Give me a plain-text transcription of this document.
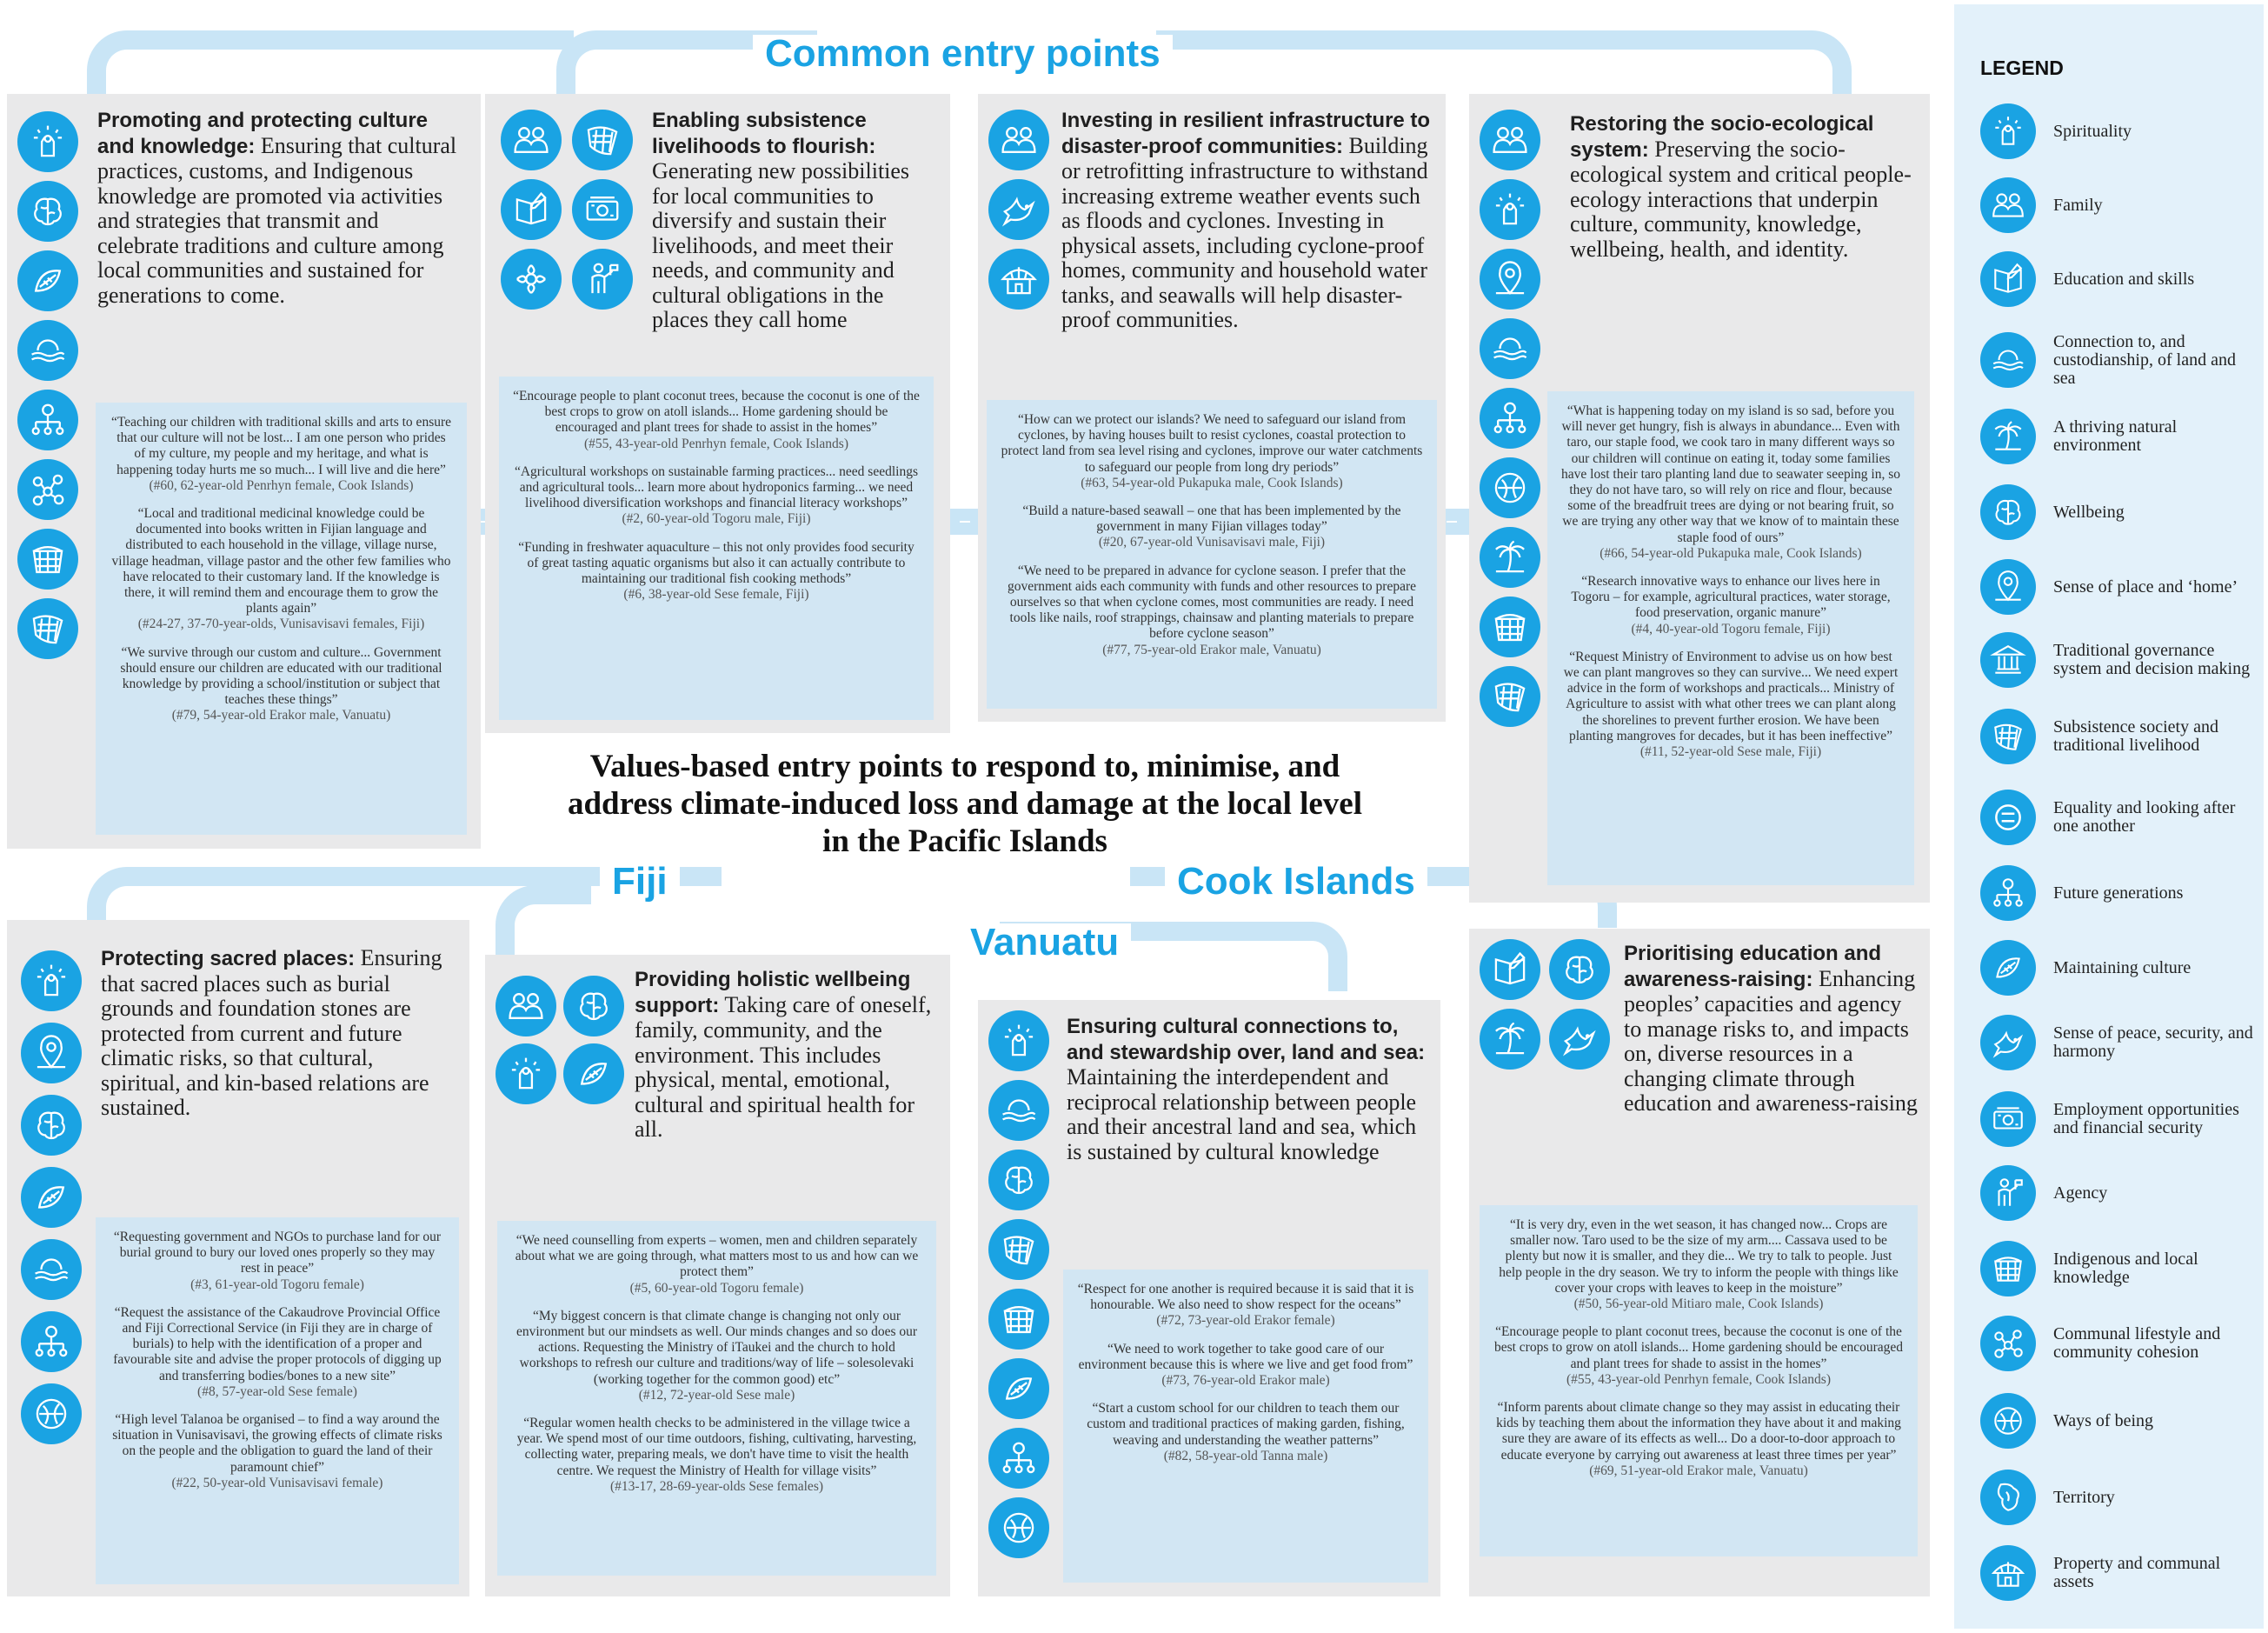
Common entry points
Fiji	Cook Islands
Vanuatu
Values-based entry points to respond to, minimise, and
address climate-induced loss and damage at the local level
in the Pacific Islands
Promoting and protecting culture and knowledge: Ensuring that cultural practices, customs, and Indigenous knowledge are promoted via activities and strategies that transmit and celebrate traditions and culture among local communities and sustained for generations to come.
“Teaching our children with traditional skills and arts to ensure that our culture will not be lost... I am one person who prides of my culture, my people and my heritage, and what is happening today hurts me so much... I will live and die here”
(#60, 62-year-old Penrhyn female, Cook Islands)
“Local and traditional medicinal knowledge could be documented into books written in Fijian language and distributed to each household in the village, village nurse, village headman, village pastor and the other few families who have relocated to their customary land. If the knowledge is there, it will remind them and encourage them to grow the plants again”
(#24-27, 37-70-year-olds, Vunisavisavi females, Fiji)
“We survive through our custom and culture... Government should ensure our children are educated with our traditional knowledge by providing a school/institution or subject that teaches these things”
(#79, 54-year-old Erakor male, Vanuatu)
Enabling subsistence livelihoods to flourish: Generating new possibilities for local communities to diversify and sustain their livelihoods, and meet their needs, and community and cultural obligations in the places they call home
“Encourage people to plant coconut trees, because the coconut is one of the best crops to grow on atoll islands... Home gardening should be encouraged and plant trees for shade to assist in the homes”
(#55, 43-year-old Penrhyn female, Cook Islands)
“Agricultural workshops on sustainable farming practices... need seedlings and agricultural tools... learn more about hydroponics farming... we need livelihood diversification workshops and financial literacy workshops”
(#2, 60-year-old Togoru male, Fiji)
“Funding in freshwater aquaculture – this not only provides food security of great tasting aquatic organisms but also it can actually contribute to maintaining our traditional fish cooking methods”
(#6, 38-year-old Sese female, Fiji)
Investing in resilient infrastructure to disaster-proof communities: Building or retrofitting infrastructure to withstand increasing extreme weather events such as floods and cyclones. Investing in physical assets, including cyclone-proof homes, community and household water tanks, and seawalls will help disaster- proof communities.
“How can we protect our islands? We need to safeguard our island from cyclones, by having houses built to resist cyclones, coastal protection to protect land from sea level rising and cyclones, improve our water catchments to safeguard our people from long dry periods”
(#63, 54-year-old Pukapuka male, Cook Islands)
“Build a nature-based seawall – one that has been implemented by the government in many Fijian villages today”
(#20, 67-year-old Vunisavisavi male, Fiji)
“We need to be prepared in advance for cyclone season. I prefer that the government aids each community with funds and other resources to prepare ourselves so that when cyclone comes, most communities are ready. I need tools like nails, roof strappings, chainsaw and planting materials to prepare before cyclone season”
(#77, 75-year-old Erakor male, Vanuatu)
Restoring the socio-ecological system: Preserving the socio-ecological system and critical people-ecology interactions that underpin culture, community, knowledge, wellbeing, health, and identity.
“What is happening today on my island is so sad, before you will never get hungry, fish is always in abundance... Even with taro, our staple food, we cook taro in many different ways so our children will continue on eating it, today some families have lost their taro planting land due to seawater seeping in, so they do not have taro, so will rely on rice and flour, because some of the breadfruit trees are dying or not bearing fruit, so we are trying any other way that we know of to maintain these staple food of ours”
(#66, 54-year-old Pukapuka male, Cook Islands)
“Research innovative ways to enhance our lives here in Togoru – for example, agricultural practices, water storage, food preservation, organic manure”
(#4, 40-year-old Togoru female, Fiji)
“Request Ministry of Environment to advise us on how best we can plant mangroves so they can survive... We need expert advice in the form of workshops and practicals... Ministry of Agriculture to assist with what other trees we can plant along the shorelines to prevent further erosion. We have been planting mangroves for decades, but it has been ineffective”
(#11, 52-year-old Sese male, Fiji)
Protecting sacred places: Ensuring that sacred places such as burial grounds and foundation stones are protected from current and future climatic risks, so that cultural, spiritual, and kin-based relations are sustained.
“Requesting government and NGOs to purchase land for our burial ground to bury our loved ones properly so they may rest in peace”
(#3, 61-year-old Togoru female)
“Request the assistance of the Cakaudrove Provincial Office and Fiji Correctional Service (in Fiji they are in charge of burials) to help with the identification of a proper and favourable site and advise the proper protocols of digging up and transferring bodies/bones to a new site”
(#8, 57-year-old Sese female)
“High level Talanoa be organised – to find a way around the situation in Vunisavisavi, the growing effects of climate risks on the people and the obligation to guard the land of their paramount chief”
(#22, 50-year-old Vunisavisavi female)
Providing holistic wellbeing support: Taking care of oneself, family, community, and the environment. This includes physical, mental, emotional, cultural and spiritual health for all.
“We need counselling from experts – women, men and children separately about what we are going through, what matters most to us and how can we protect them”
(#5, 60-year-old Togoru female)
“My biggest concern is that climate change is changing not only our environment but our mindsets as well. Our minds changes and so does our actions. Requesting the Ministry of iTaukei and the church to hold workshops to refresh our culture and traditions/way of life – solesolevaki (working together for the common good) etc”
(#12, 72-year-old Sese male)
“Regular women health checks to be administered in the village twice a year. We spend most of our time outdoors, fishing, cultivating, harvesting, collecting water, preparing meals, we don't have time to visit the health centre. We request the Ministry of Health for village visits”
(#13-17, 28-69-year-olds Sese females)
Ensuring cultural connections to, and stewardship over, land and sea: Maintaining the interdependent and reciprocal relationship between people and their ancestral land and sea, which is sustained by cultural knowledge
“Respect for one another is required because it is said that it is honourable. We also need to show respect for the oceans”
(#72, 73-year-old Erakor female)
“We need to work together to take good care of our environment because this is where we live and get food from”
(#73, 76-year-old Erakor male)
“Start a custom school for our children to teach them our custom and traditional practices of making garden, fishing, weaving and understanding the weather patterns”
(#82, 58-year-old Tanna male)
Prioritising education and awareness-raising: Enhancing peoples’ capacities and agency to manage risks to, and impacts on, diverse resources in a changing climate through education and awareness-raising
“It is very dry, even in the wet season, it has changed now... Crops are smaller now. Taro used to be the size of my arm.... Cassava used to be plenty but now it is smaller, and they die... We try to talk to people. Just help people in the dry season. We try to inform the people with things like cover your crops with leaves to keep in the moisture”
(#50, 56-year-old Mitiaro male, Cook Islands)
“Encourage people to plant coconut trees, because the coconut is one of the best crops to grow on atoll islands... Home gardening should be encouraged and plant trees for shade to assist in the homes”
(#55, 43-year-old Penrhyn female, Cook Islands)
“Inform parents about climate change so they may assist in educating their kids by teaching them about the information they have about it and making sure they are aware of its effects as well... Do a door-to-door approach to educate everyone by carrying out awareness at least three times per year”
(#69, 51-year-old Erakor male, Vanuatu)
LEGEND
Spirituality
Family
Education and skills
Connection to, and custodianship, of land and sea
A thriving natural environment
Wellbeing
Sense of place and ‘home’
Traditional governance system and decision making
Subsistence society and traditional livelihood
Equality and looking after one another
Future generations
Maintaining culture
Sense of peace, security, and harmony
Employment opportunities and financial security
Agency
Indigenous and local knowledge
Communal lifestyle and community cohesion
Ways of being
Territory
Property and communal assets
